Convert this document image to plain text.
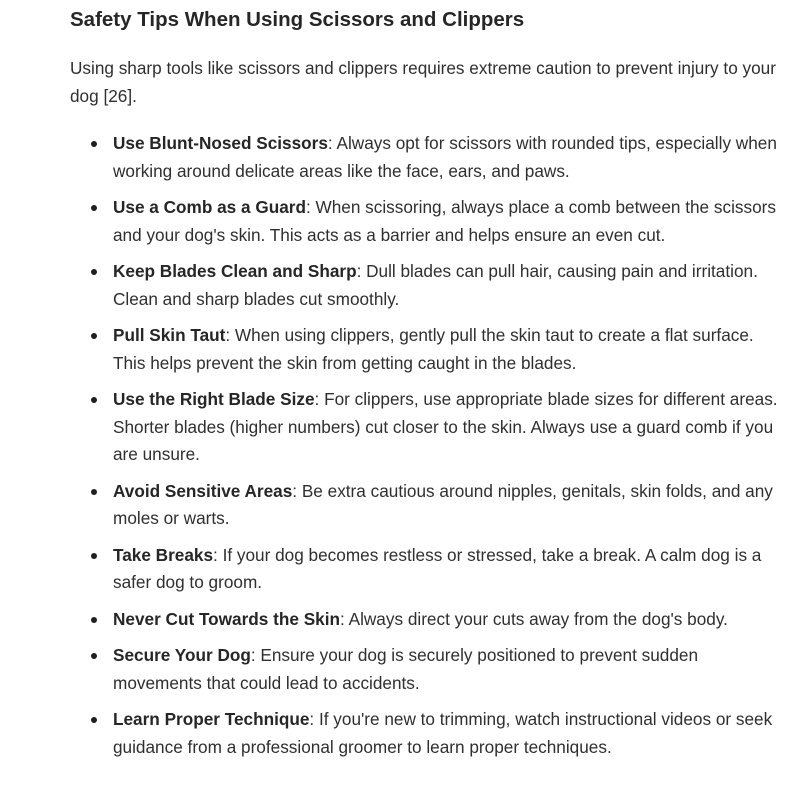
Safety Tips When Using Scissors and Clippers

Using sharp tools like scissors and clippers requires extreme caution to prevent injury to your dog [26].

Use Blunt-Nosed Scissors: Always opt for scissors with rounded tips, especially when working around delicate areas like the face, ears, and paws.
Use a Comb as a Guard: When scissoring, always place a comb between the scissors and your dog's skin. This acts as a barrier and helps ensure an even cut.
Keep Blades Clean and Sharp: Dull blades can pull hair, causing pain and irritation. Clean and sharp blades cut smoothly.
Pull Skin Taut: When using clippers, gently pull the skin taut to create a flat surface. This helps prevent the skin from getting caught in the blades.
Use the Right Blade Size: For clippers, use appropriate blade sizes for different areas. Shorter blades (higher numbers) cut closer to the skin. Always use a guard comb if you are unsure.
Avoid Sensitive Areas: Be extra cautious around nipples, genitals, skin folds, and any moles or warts.
Take Breaks: If your dog becomes restless or stressed, take a break. A calm dog is a safer dog to groom.
Never Cut Towards the Skin: Always direct your cuts away from the dog's body.
Secure Your Dog: Ensure your dog is securely positioned to prevent sudden movements that could lead to accidents.
Learn Proper Technique: If you're new to trimming, watch instructional videos or seek guidance from a professional groomer to learn proper techniques.
